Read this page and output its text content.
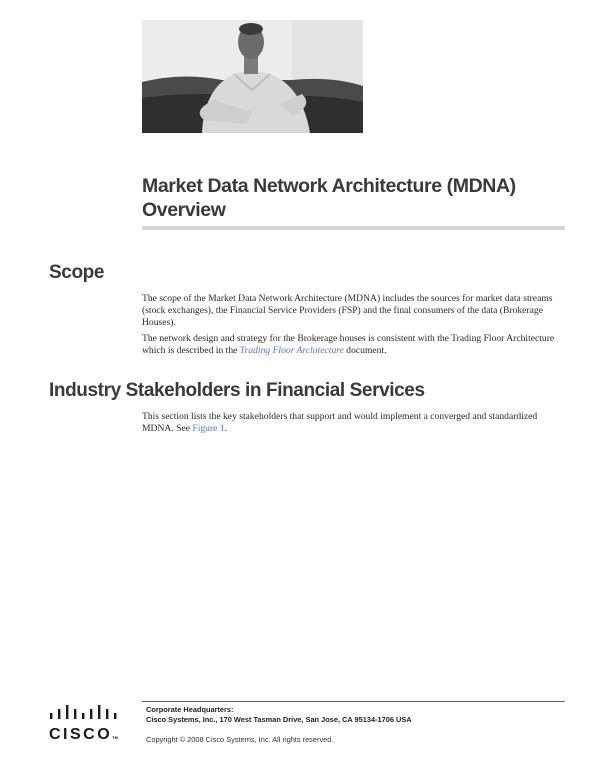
Market Data Network Architecture (MDNA)
Overview
Scope

The scope of the Market Data Network Architecture (MDNA) includes the sources for market data streams (stock exchanges), the Financial Service Providers (FSP) and the final consumers of the data (Brokerage Houses).

The network design and strategy for the Brokerage houses is consistent with the Trading Floor Architecture which is described in the Trading Floor Architecture document.

Industry Stakeholders in Financial Services

This section lists the key stakeholders that support and would implement a converged and standardized MDNA. See Figure 1.

Corporate Headquarters:
Cisco Systems, Inc., 170 West Tasman Drive, San Jose, CA 95134-1706 USA

Copyright © 2008 Cisco Systems, Inc. All rights reserved.

CISCOTM
